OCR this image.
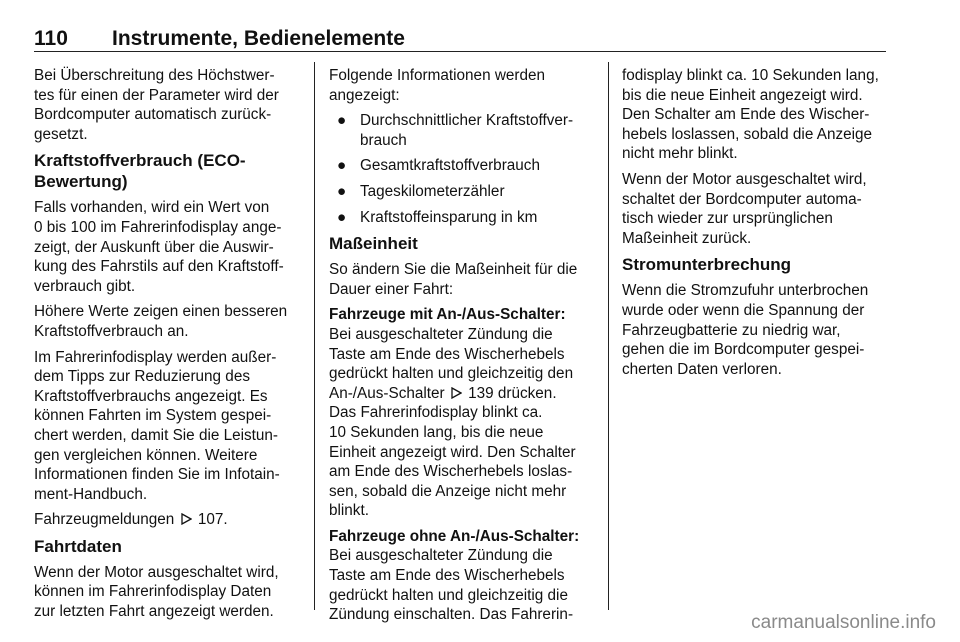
110 Instrumente, Bedienelemente

Bei Überschreitung des Höchstwer-
tes für einen der Parameter wird der
Bordcomputer automatisch zurück-
gesetzt.

Kraftstoffverbrauch (ECO-
Bewertung)

Falls vorhanden, wird ein Wert von
0 bis 100 im Fahrerinfodisplay ange-
zeigt, der Auskunft über die Auswir-
kung des Fahrstils auf den Kraftstoff-
verbrauch gibt.

Höhere Werte zeigen einen besseren
Kraftstoffverbrauch an.

Im Fahrerinfodisplay werden außer-
dem Tipps zur Reduzierung des
Kraftstoffverbrauchs angezeigt. Es
können Fahrten im System gespei-
chert werden, damit Sie die Leistun-
gen vergleichen können. Weitere
Informationen finden Sie im Infotain-
ment-Handbuch.

Fahrzeugmeldungen 107.

Fahrtdaten

Wenn der Motor ausgeschaltet wird,
können im Fahrerinfodisplay Daten
zur letzten Fahrt angezeigt werden.

Folgende Informationen werden
angezeigt:

● Durchschnittlicher Kraftstoffver-
brauch
● Gesamtkraftstoffverbrauch
● Tageskilometerzähler
● Kraftstoffeinsparung in km
Maßeinheit

So ändern Sie die Maßeinheit für die
Dauer einer Fahrt:

Fahrzeuge mit An-/Aus-Schalter:

Bei ausgeschalteter Zündung die
Taste am Ende des Wischerhebels
gedrückt halten und gleichzeitig den
An-/Aus-Schalter 139 drücken.
Das Fahrerinfodisplay blinkt ca.
10 Sekunden lang, bis die neue
Einheit angezeigt wird. Den Schalter
am Ende des Wischerhebels loslas-
sen, sobald die Anzeige nicht mehr
blinkt.

Fahrzeuge ohne An-/Aus-Schalter:

Bei ausgeschalteter Zündung die
Taste am Ende des Wischerhebels
gedrückt halten und gleichzeitig die
Zündung einschalten. Das Fahrerin-

fodisplay blinkt ca. 10 Sekunden lang,
bis die neue Einheit angezeigt wird.
Den Schalter am Ende des Wischer-
hebels loslassen, sobald die Anzeige
nicht mehr blinkt.

Wenn der Motor ausgeschaltet wird,
schaltet der Bordcomputer automa-
tisch wieder zur ursprünglichen
Maßeinheit zurück.

Stromunterbrechung

Wenn die Stromzufuhr unterbrochen
wurde oder wenn die Spannung der
Fahrzeugbatterie zu niedrig war,
gehen die im Bordcomputer gespei-
cherten Daten verloren.

carmanualsonline.info
